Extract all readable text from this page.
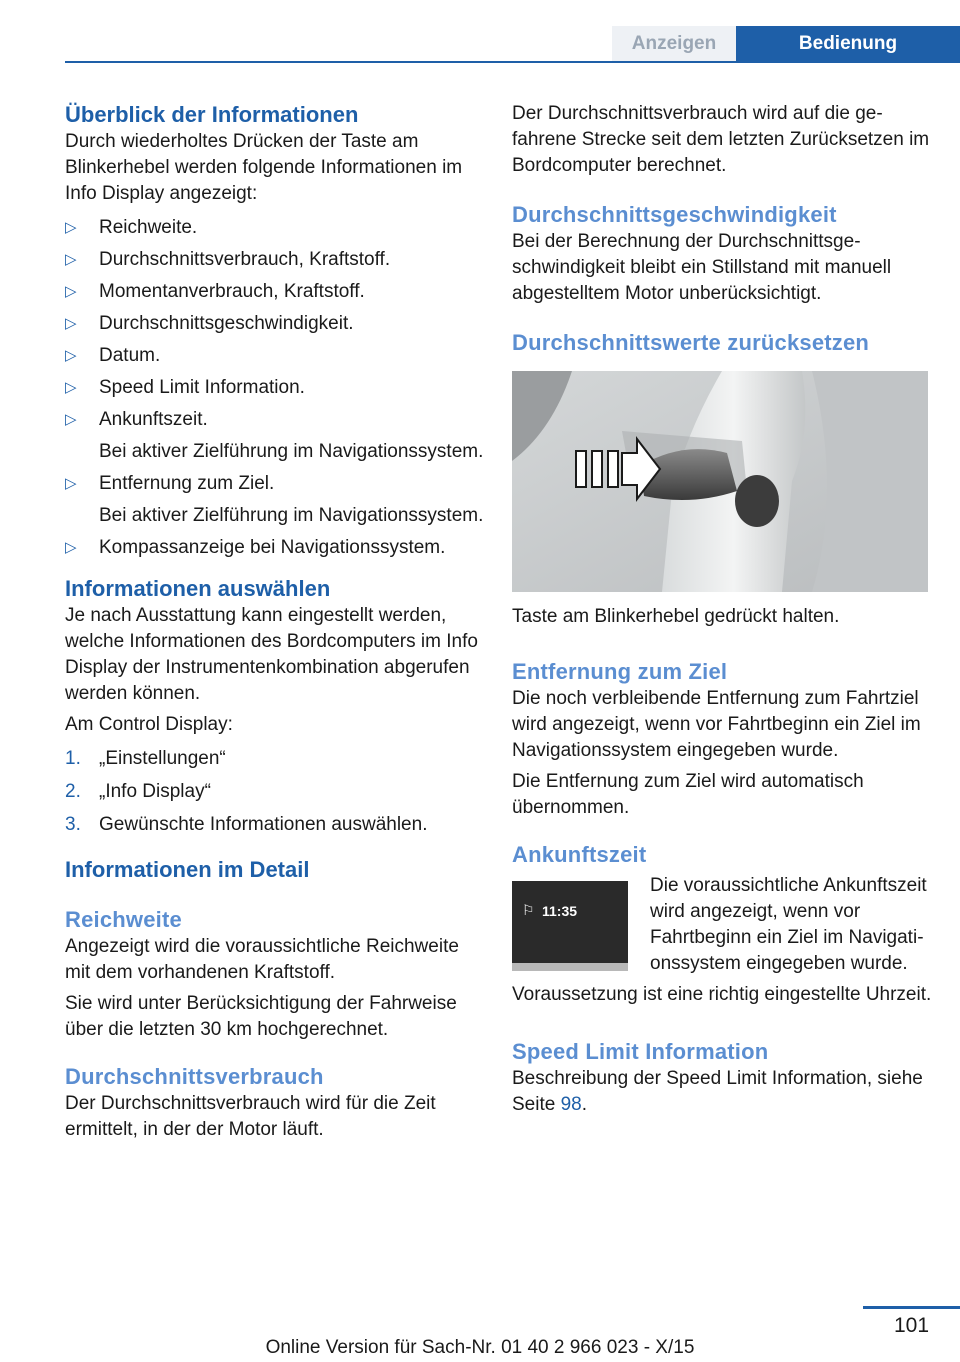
Anzeigen	Bedienung
Überblick der Informationen

Durch wiederholtes Drücken der Taste am Blinkerhebel werden folgende Informationen im Info Display angezeigt:

▷ Reichweite.
▷ Durchschnittsverbrauch, Kraftstoff.
▷ Momentanverbrauch, Kraftstoff.
▷ Durchschnittsgeschwindigkeit.
▷ Datum.
▷ Speed Limit Information.
▷ Ankunftszeit.
Bei aktiver Zielführung im Navigationssystem.
▷ Entfernung zum Ziel.
Bei aktiver Zielführung im Navigationssystem.
▷ Kompassanzeige bei Navigationssystem.
Informationen auswählen

Je nach Ausstattung kann eingestellt werden, welche Informationen des Bordcomputers im Info Display der Instrumentenkombination abgerufen werden können.

Am Control Display:

1. „Einstellungen“
2. „Info Display“
3. Gewünschte Informationen auswählen.
Informationen im Detail
Reichweite

Angezeigt wird die voraussichtliche Reichweite mit dem vorhandenen Kraftstoff.

Sie wird unter Berücksichtigung der Fahrweise über die letzten 30 km hochgerechnet.

Durchschnittsverbrauch

Der Durchschnittsverbrauch wird für die Zeit ermittelt, in der der Motor läuft.

Der Durchschnittsverbrauch wird auf die gefahrene Strecke seit dem letzten Zurücksetzen im Bordcomputer berechnet.

Durchschnittsgeschwindigkeit

Bei der Berechnung der Durchschnittsgeschwindigkeit bleibt ein Stillstand mit manuell abgestelltem Motor unberücksichtigt.

Durchschnittswerte zurücksetzen

Taste am Blinkerhebel gedrückt halten.

Entfernung zum Ziel

Die noch verbleibende Entfernung zum Fahrtziel wird angezeigt, wenn vor Fahrtbeginn ein Ziel im Navigationssystem eingegeben wurde.

Die Entfernung zum Ziel wird automatisch übernommen.

Ankunftszeit
⚐ 11:35

Die voraussichtliche Ankunftszeit wird angezeigt, wenn vor Fahrtbeginn ein Ziel im Navigationssystem eingegeben wurde.

Voraussetzung ist eine richtig eingestellte Uhrzeit.

Speed Limit Information

Beschreibung der Speed Limit Information, siehe Seite 98.

101
Online Version für Sach-Nr. 01 40 2 966 023 - X/15
